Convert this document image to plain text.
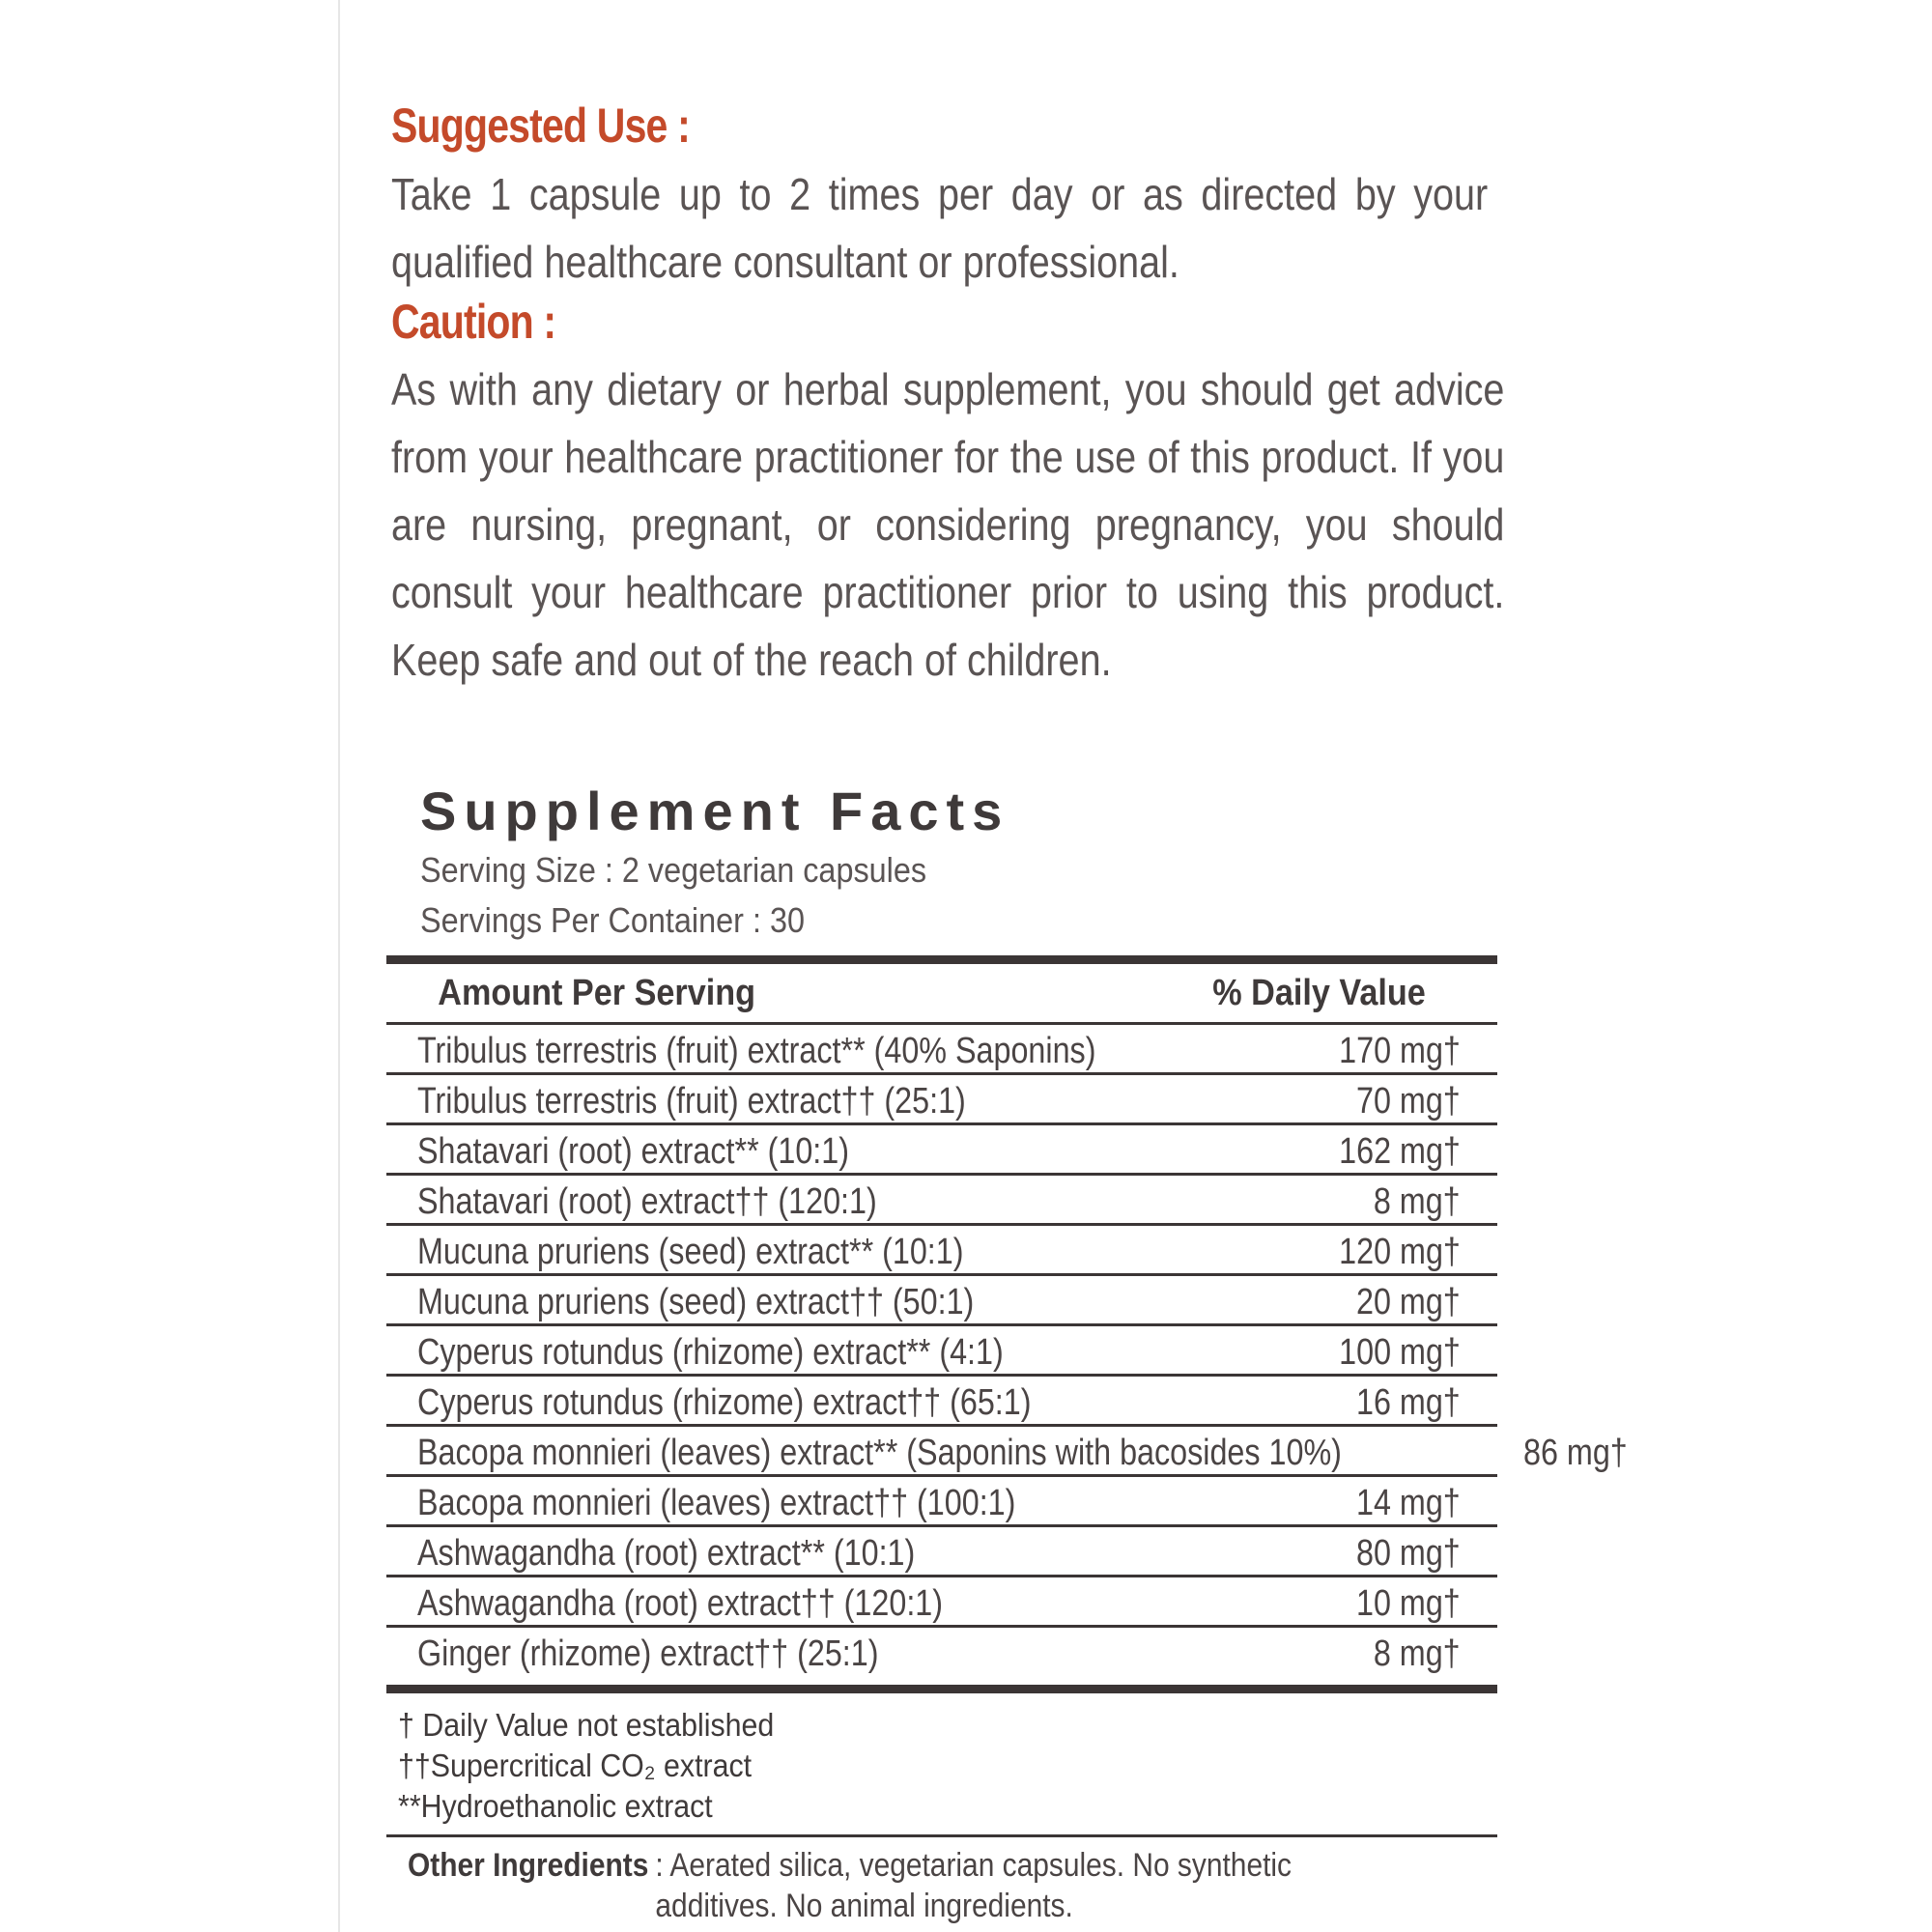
Suggested Use :
Take 1 capsule up to 2 times per day or as directed by your qualified healthcare consultant or professional.
Caution :
As with any dietary or herbal supplement, you should get advice from your healthcare practitioner for the use of this product. If you are nursing, pregnant, or considering pregnancy, you should consult your healthcare practitioner prior to using this product. Keep safe and out of the reach of children.
Supplement Facts
Serving Size : 2 vegetarian capsules
Servings Per Container : 30
Amount Per Serving	% Daily Value
Tribulus terrestris (fruit) extract** (40% Saponins)	170 mg†
Tribulus terrestris (fruit) extract†† (25:1)	70 mg†
Shatavari (root) extract** (10:1)	162 mg†
Shatavari (root) extract†† (120:1)	8 mg†
Mucuna pruriens (seed) extract** (10:1)	120 mg†
Mucuna pruriens (seed) extract†† (50:1)	20 mg†
Cyperus rotundus (rhizome) extract** (4:1)	100 mg†
Cyperus rotundus (rhizome) extract†† (65:1)	16 mg†
Bacopa monnieri (leaves) extract** (Saponins with bacosides 10%)	86 mg†
Bacopa monnieri (leaves) extract†† (100:1)	14 mg†
Ashwagandha (root) extract** (10:1)	80 mg†
Ashwagandha (root) extract†† (120:1)	10 mg†
Ginger (rhizome) extract†† (25:1)	8 mg†
† Daily Value not established
††Supercritical CO₂ extract
**Hydroethanolic extract
Other Ingredients : Aerated silica, vegetarian capsules. No synthetic additives. No animal ingredients.
